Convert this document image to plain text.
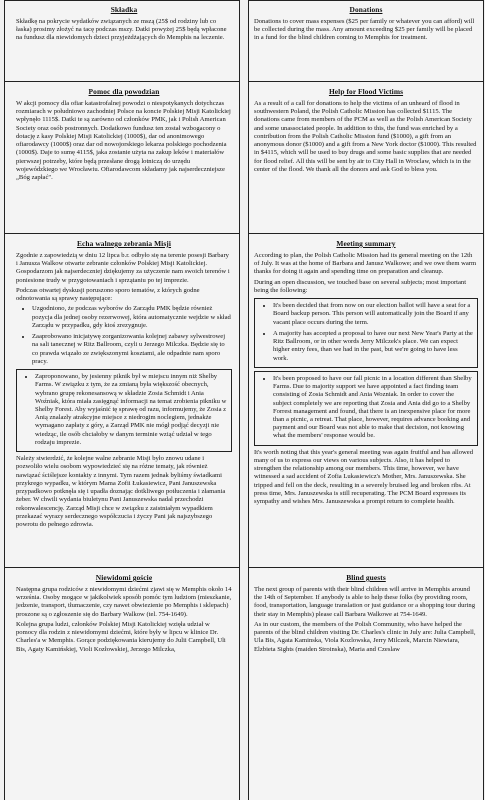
Składka

Składkę na pokrycie wydatków związanych ze mszą (25$ od rodziny lub co łaska) prosimy złożyć na tacę podczas mszy. Datki powyżej 25$ będą wpłacone na fundusz dla niewidomych dzieci przyjeżdżających do Memphis na leczenie.

Pomoc dla powodzian

W akcji pomocy dla ofiar katastrofalnej powodzi o niespotykanych dotychczas rozmiarach w południowo zachodniej Polsce na koncie Polskiej Misji Katolickiej wpłynęło 1115$. Datki te są zarówno od członków PMK, jak i Polish American Society oraz osób postronnych. Dodatkowo fundusz ten został wzbogacony o dotację z kasy Polskiej Misji Katolickiej (1000$), dar od anonimowego ofiarodawcy (1000$) oraz dar od nowojorskiego lekarza polskiego pochodzenia (1000$). Daje to sumę 4115$, jaka zostanie użyta na zakup leków i materiałów pierwszej potrzeby, które będą przesłane drogą lotniczą do urzędu wojewódzkiego we Wrocławiu. Ofiarodawcom składamy jak najserdeczniejsze „Bóg zapłać".

Echa walnego zebrania Misji

Zgodnie z zapowiedzią w dniu 12 lipca b.r. odbyło się na terenie posesji Barbary i Janusza Walkow otwarte zebranie członków Polskiej Misji Katolickiej. Gospodarzom jak najserdeczniej dziękujemy za użyczenie nam swoich terenów i poniesione trudy w przygotowaniach i sprzątaniu po tej imprezie.

Podczas otwartej dyskusji poruszono sporo tematów, z których godne odnotowania są sprawy następujące:

• Uzgodniono, że podczas wyborów do Zarządu PMK będzie również pozycja dla jednej osoby rezerwowej, która automatycznie wejdzie w skład Zarządu w przypadku, gdy ktoś zrezygnuje.
• Zaaprobowano inicjatywę zorganizowania kolejnej zabawy sylwestrowej na sali tanecznej w Ritz Ballroom, czyli u Jerzego Milczka. Będzie się to co prawda wiązało ze zwiększonymi kosztami, ale odpadnie nam sporo pracy.
• Zaproponowano, by jesienny piknik był w miejscu innym niż Shelby Farms. W związku z tym, że za zmianą była większość obecnych, wybrano grupę rekonesansową w składzie Zosia Schmidt i Ania Woźniak, która miała zasięgnąć informacji na temat zrobienia pikniku w Shelby Forest. Aby wyjaśnić tę sprawę od razu, informujemy, że Zosia z Anią znalazły atrakcyjne miejsce z niedrogim noclegiem, jednakże wymagano zapłaty z góry, a Zarząd PMK nie mógł podjąć decyzji nie wiedząc, ile osób chciałoby w danym terminie wziąć udział w tego rodzaju imprezie.

Należy stwierdzić, że kolejne walne zebranie Misji było znowu udane i pozwoliło wielu osobom wypowiedzieć się na różne tematy, jak również nawiązać ściślejsze kontakty z innymi. Tym razem jednak byliśmy świadkami przykrego wypadku, w którym Mama Zofii Łukasiewicz, Pani Januszewska przypadkowo potknęła się i upadła doznając dotkliwego potłuczenia i złamania żeber. W chwili wydania biuletynu Pani Januszewska nadal przechodzi rekonwalescencję. Zarząd Misji chce w związku z zaistniałym wypadkiem przekazać wyrazy serdecznego współczucia i życzy Pani jak najszybszego powrotu do pełnego zdrowia.

Niewidomi goście

Następna grupa rodziców z niewidomymi dziećmi zjawi się w Memphis około 14 września. Osoby mogące w jakikolwiek sposób pomóc tym ludziom (mieszkanie, jedzenie, transport, tłumaczenie, czy nawet obwiezienie po Memphis i sklepach) proszone są o zgłoszenie się do Barbary Walkow (tel. 754-1649).

Kolejna grupa ludzi, członków Polskiej Misji Katolickiej wzięła udział w pomocy dla rodzin z niewidomymi dziećmi, które były w lipcu w klinice Dr. Charles'a w Memphis. Gorące podziękowania kierujemy do Julii Campbell, Uli Bis, Agaty Kamińskiej, Violi Kozłowskiej, Jerzego Milczka,

Donations

Donations to cover mass expenses ($25 per family or whatever you can afford) will be collected during the mass. Any amount exceeding $25 per family will be placed in a fund for the blind children coming to Memphis for treatment.

Help for Flood Victims

As a result of a call for donations to help the victims of an unheard of flood in southwestern Poland, the Polish Catholic Mission has collected $1115. The donations came from members of the PCM as well as the Polish American Society and some unassociated people. In addition to this, the fund was enriched by a contribution from the Polish Catholic Mission fund ($1000), a gift from an anonymous donor ($1000) and a gift from a New York doctor ($1000). This resulted in $4115, which will be used to buy drugs and some basic supplies that are needed for flood relief. All this will be sent by air to City Hall in Wroclaw, which is in the center of the flood. We thank all the donors and ask God to bless you.

Meeting summary

According to plan, the Polish Catholic Mission had its general meeting on the 12th of July. It was at the home of Barbara and Janusz Walkowe; and we owe them warm thanks for doing it again and spending time on preparation and cleanup.

During an open discussion, we touched base on several subjects; most important being the following:

• It's been decided that from now on our election ballot will have a seat for a Board backup person. This person will automatically join the Board if any vacant place occurs during the term.
• A majority has accepted a proposal to have our next New Year's Party at the Ritz Ballroom, or in other words Jerry Milczek's place. We can expect higher entry fees, than we had in the past, but we're going to have less work.
• It's been proposed to have our fall picnic in a location different than Shelby Farms. Due to majority support we have appointed a fact finding team consisting of Zosia Schmidt and Ania Wozniak. In order to cover the subject completely we are reporting that Zosia and Ania did go to a Shelby Forrest management and found, that there is an inexpensive place for more than a picnic, a retreat. That place, however, requires advance booking and payment and our Board was not able to make that decision, not knowing what the members' response would be.

It's worth noting that this year's general meeting was again fruitful and has allowed many of us to express our views on various subjects. Also, it has helped to strengthen the relationship among our members. This time, however, we have witnessed a sad accident of Zofia Lukasiewicz's Mother, Mrs. Januszewska. She tripped and fell on the deck, resulting in a severely bruised leg and broken ribs. At press time, Mrs. Januszewska is still recuperating. The PCM Board expresses its sympathy and wishes Mrs. Januszewska a prompt return to complete health.

Blind guests

The next group of parents with their blind children will arrive in Memphis around the 14th of September. If anybody is able to help these folks (by providing room, food, transportation, language translation or just guidance or a shopping tour during their stay in Memphis) please call Barbara Walkowe at 754-1649.

As in our custom, the members of the Polish Community, who have helped the parents of the blind children visiting Dr. Charles's clinic in July are: Julia Campbell, Ula Bis, Agata Kaminska, Viola Kozlowska, Jerry Milczek, Marcin Niewiara, Elzbieta Sights (maiden Stroinska), Maria and Czeslaw
